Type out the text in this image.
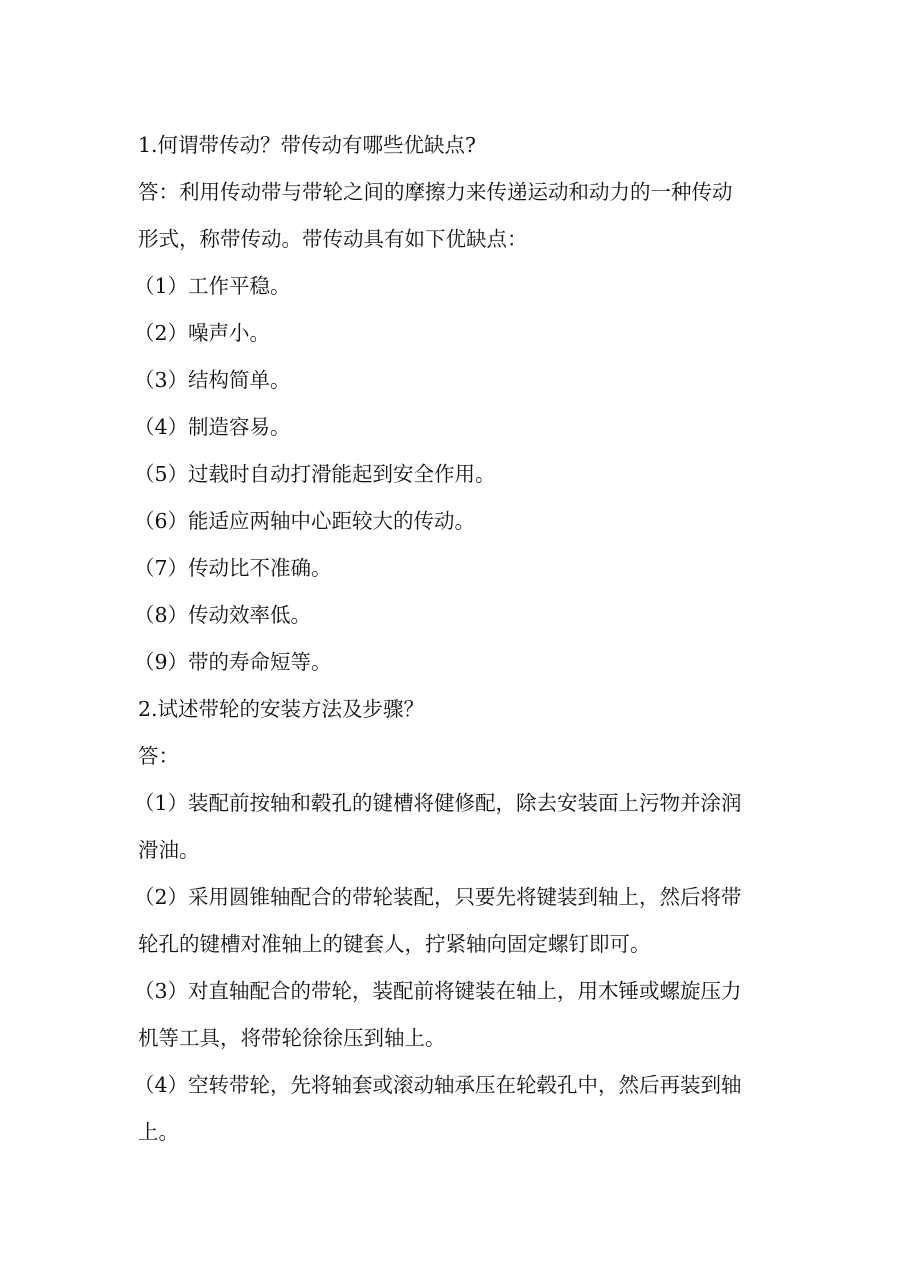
1.何谓带传动？带传动有哪些优缺点?
答：利用传动带与带轮之间的摩擦力来传递运动和动力的一种传动
形式，称带传动。带传动具有如下优缺点：
（1）工作平稳。
（2）噪声小。
（3）结构简单。
（4）制造容易。
（5）过载时自动打滑能起到安全作用。
（6）能适应两轴中心距较大的传动。
（7）传动比不准确。
（8）传动效率低。
（9）带的寿命短等。
2.试述带轮的安装方法及步骤？
答：
（1）装配前按轴和毂孔的键槽将健修配，除去安装面上污物并涂润
滑油。
（2）采用圆锥轴配合的带轮装配，只要先将键装到轴上，然后将带
轮孔的键槽对准轴上的键套人，拧紧轴向固定螺钉即可。
（3）对直轴配合的带轮，装配前将键装在轴上，用木锤或螺旋压力
机等工具，将带轮徐徐压到轴上。
（4）空转带轮，先将轴套或滚动轴承压在轮毂孔中，然后再装到轴
上。
